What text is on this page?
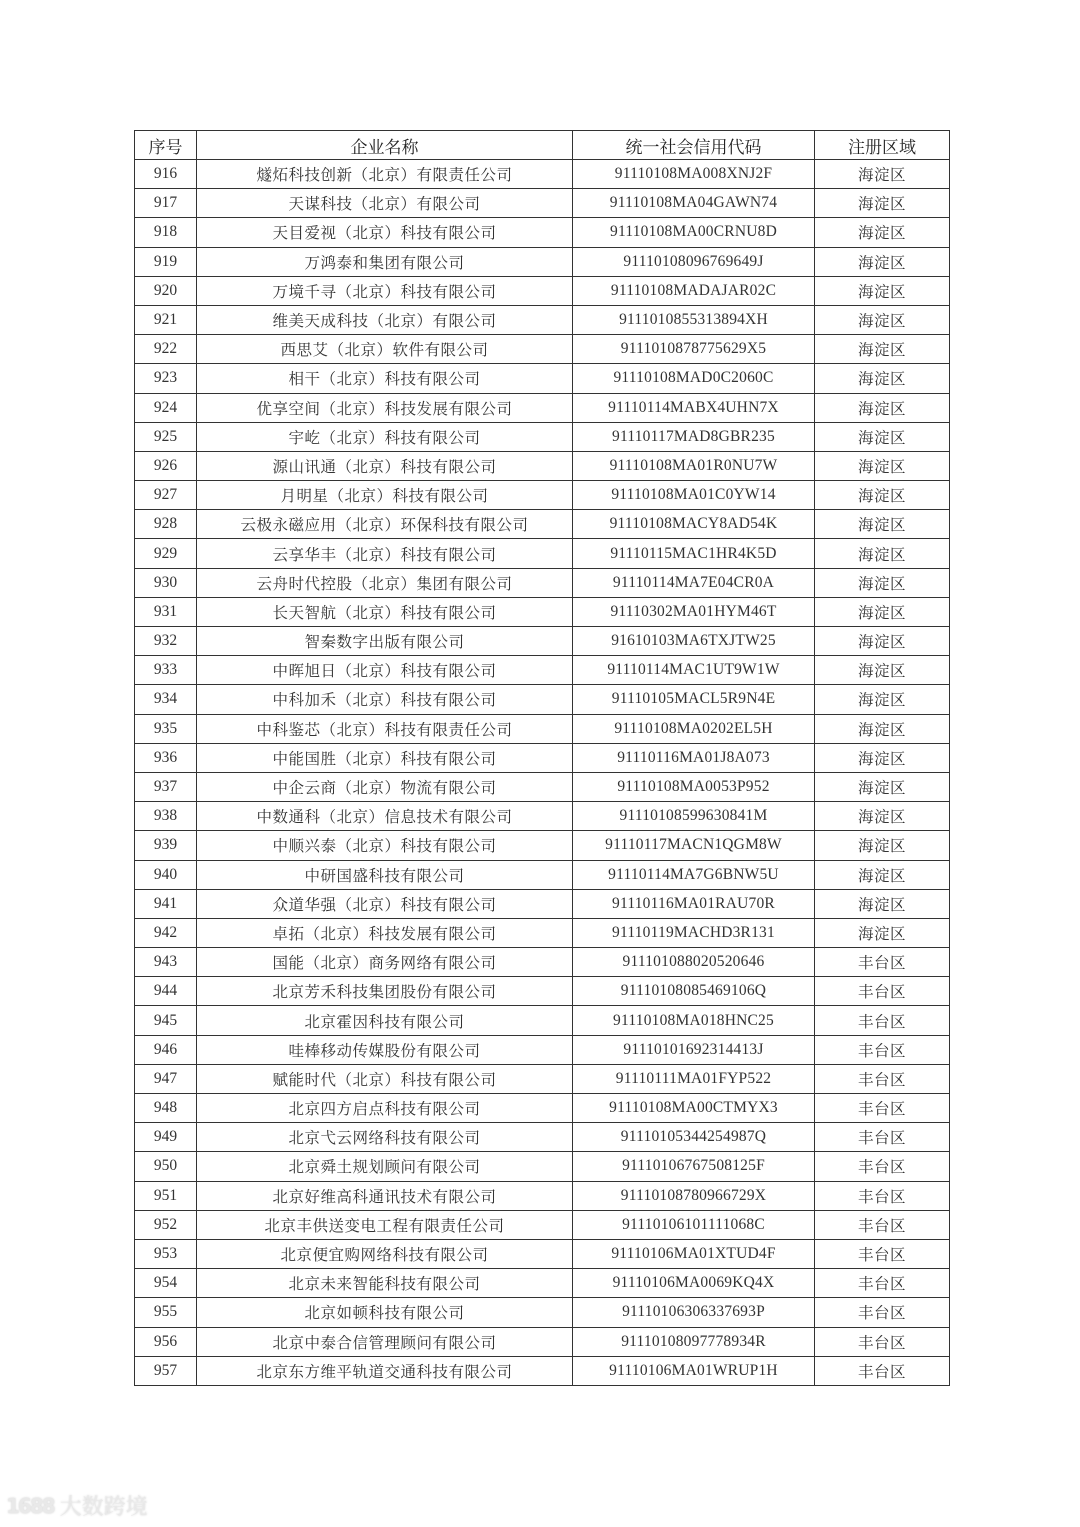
序号	企业名称	统一社会信用代码	注册区域
916	燧炻科技创新（北京）有限责任公司	91110108MA008XNJ2F	海淀区
917	天谋科技（北京）有限公司	91110108MA04GAWN74	海淀区
918	天目爱视（北京）科技有限公司	91110108MA00CRNU8D	海淀区
919	万鸿泰和集团有限公司	91110108096769649J	海淀区
920	万境千寻（北京）科技有限公司	91110108MADAJAR02C	海淀区
921	维美天成科技（北京）有限公司	9111010855313894XH	海淀区
922	西思艾（北京）软件有限公司	9111010878775629X5	海淀区
923	相干（北京）科技有限公司	91110108MAD0C2060C	海淀区
924	优享空间（北京）科技发展有限公司	91110114MABX4UHN7X	海淀区
925	宇屹（北京）科技有限公司	91110117MAD8GBR235	海淀区
926	源山讯通（北京）科技有限公司	91110108MA01R0NU7W	海淀区
927	月明星（北京）科技有限公司	91110108MA01C0YW14	海淀区
928	云极永磁应用（北京）环保科技有限公司	91110108MACY8AD54K	海淀区
929	云享华丰（北京）科技有限公司	91110115MAC1HR4K5D	海淀区
930	云舟时代控股（北京）集团有限公司	91110114MA7E04CR0A	海淀区
931	长天智航（北京）科技有限公司	91110302MA01HYM46T	海淀区
932	智秦数字出版有限公司	91610103MA6TXJTW25	海淀区
933	中晖旭日（北京）科技有限公司	91110114MAC1UT9W1W	海淀区
934	中科加禾（北京）科技有限公司	91110105MACL5R9N4E	海淀区
935	中科鉴芯（北京）科技有限责任公司	91110108MA0202EL5H	海淀区
936	中能国胜（北京）科技有限公司	91110116MA01J8A073	海淀区
937	中企云商（北京）物流有限公司	91110108MA0053P952	海淀区
938	中数通科（北京）信息技术有限公司	91110108599630841M	海淀区
939	中顺兴泰（北京）科技有限公司	91110117MACN1QGM8W	海淀区
940	中研国盛科技有限公司	91110114MA7G6BNW5U	海淀区
941	众道华强（北京）科技有限公司	91110116MA01RAU70R	海淀区
942	卓拓（北京）科技发展有限公司	91110119MACHD3R131	海淀区
943	国能（北京）商务网络有限公司	911101088020520646	丰台区
944	北京芳禾科技集团股份有限公司	91110108085469106Q	丰台区
945	北京霍因科技有限公司	91110108MA018HNC25	丰台区
946	哇棒移动传媒股份有限公司	91110101692314413J	丰台区
947	赋能时代（北京）科技有限公司	91110111MA01FYP522	丰台区
948	北京四方启点科技有限公司	91110108MA00CTMYX3	丰台区
949	北京弋云网络科技有限公司	91110105344254987Q	丰台区
950	北京舜土规划顾问有限公司	91110106767508125F	丰台区
951	北京好维高科通讯技术有限公司	91110108780966729X	丰台区
952	北京丰供送变电工程有限责任公司	91110106101111068C	丰台区
953	北京便宜购网络科技有限公司	91110106MA01XTUD4F	丰台区
954	北京未来智能科技有限公司	91110106MA0069KQ4X	丰台区
955	北京如顿科技有限公司	91110106306337693P	丰台区
956	北京中泰合信管理顾问有限公司	91110108097778934R	丰台区
957	北京东方维平轨道交通科技有限公司	91110106MA01WRUP1H	丰台区
1688 大数跨境
